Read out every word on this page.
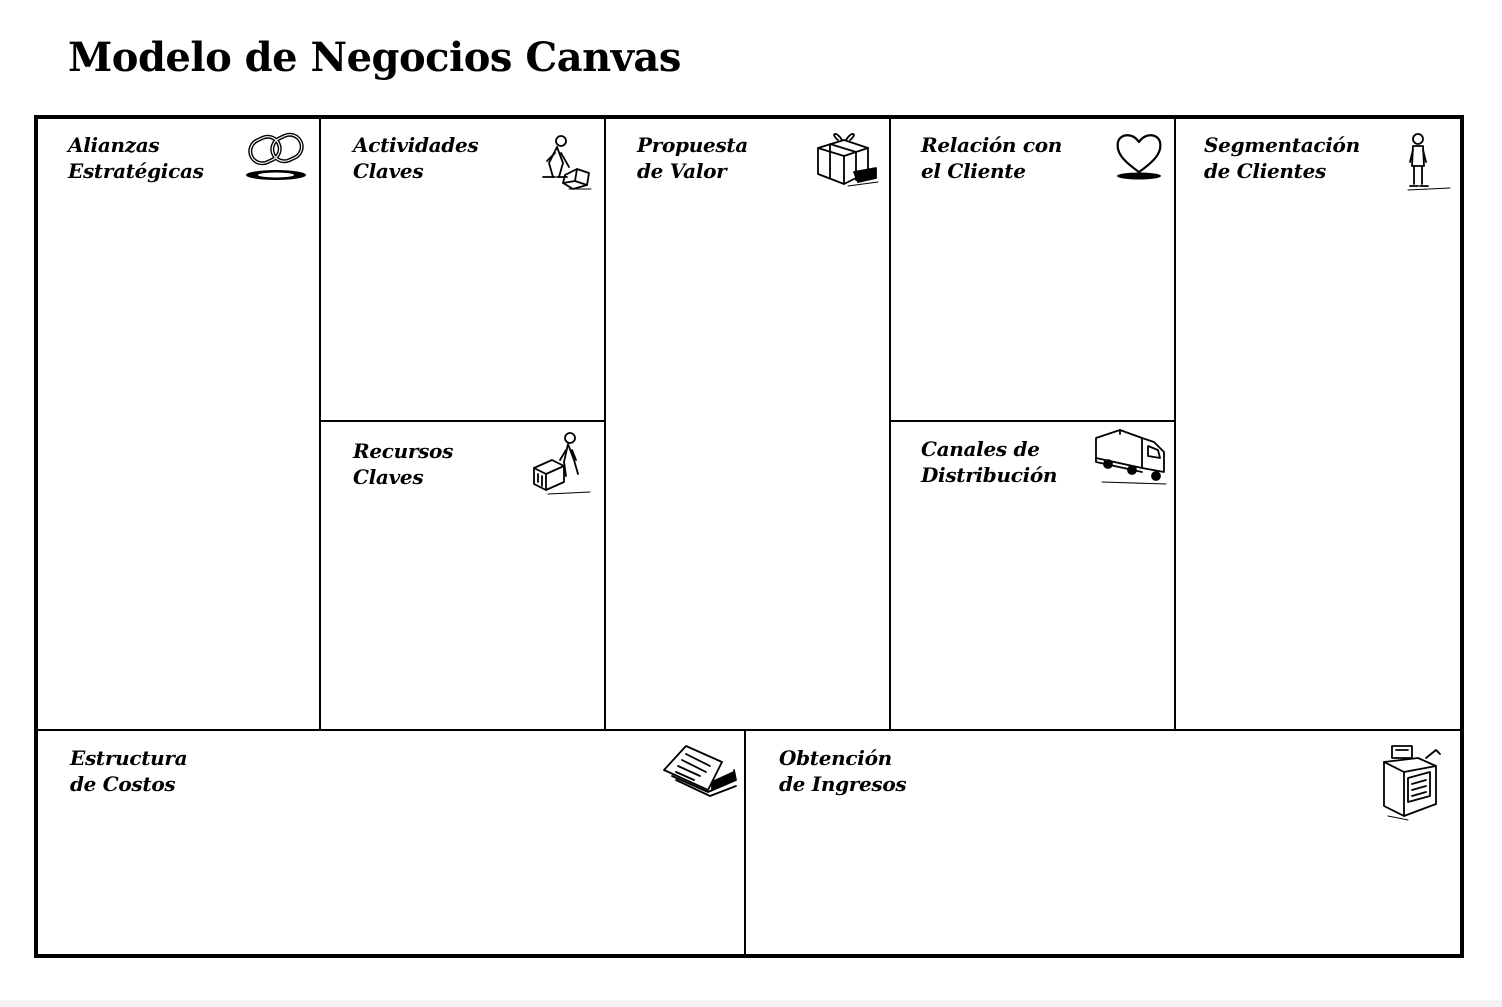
Modelo de Negocios Canvas
Alianzas
Estratégicas
Actividades
Claves
Recursos
Claves
Propuesta
de Valor
Relación con
el Cliente
Canales de
Distribución
Segmentación
de Clientes
Estructura
de Costos
Obtención
de Ingresos
